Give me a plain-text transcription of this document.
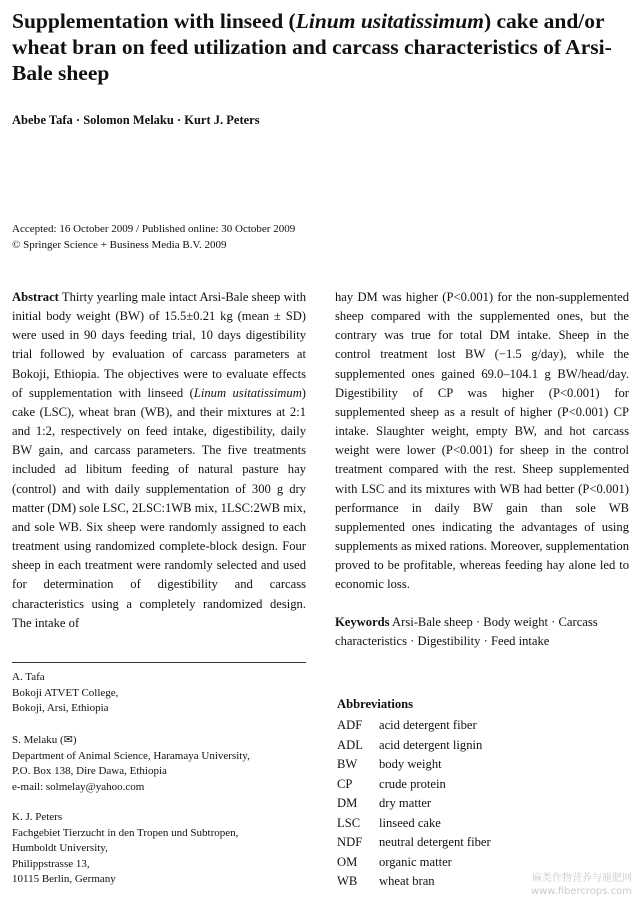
Supplementation with linseed (Linum usitatissimum) cake and/or wheat bran on feed utilization and carcass characteristics of Arsi-Bale sheep
Abebe Tafa · Solomon Melaku · Kurt J. Peters
Accepted: 16 October 2009 / Published online: 30 October 2009
© Springer Science + Business Media B.V. 2009

Abstract Thirty yearling male intact Arsi-Bale sheep with initial body weight (BW) of 15.5±0.21 kg (mean ± SD) were used in 90 days feeding trial, 10 days digestibility trial followed by evaluation of carcass parameters at Bokoji, Ethiopia. The objectives were to evaluate effects of supplementation with linseed (Linum usitatissimum) cake (LSC), wheat bran (WB), and their mixtures at 2:1 and 1:2, respectively on feed intake, digestibility, daily BW gain, and carcass parameters. The five treatments included ad libitum feeding of natural pasture hay (control) and with daily supplementation of 300 g dry matter (DM) sole LSC, 2LSC:1WB mix, 1LSC:2WB mix, and sole WB. Six sheep were randomly assigned to each treatment using randomized complete-block design. Four sheep in each treatment were randomly selected and used for determination of digestibility and carcass characteristics using a completely randomized design. The intake of

A. Tafa
Bokoji ATVET College,
Bokoji, Arsi, Ethiopia
S. Melaku (✉)
Department of Animal Science, Haramaya University,
P.O. Box 138, Dire Dawa, Ethiopia
e-mail: solmelay@yahoo.com
K. J. Peters
Fachgebiet Tierzucht in den Tropen und Subtropen,
Humboldt University,
Philippstrasse 13,
10115 Berlin, Germany

hay DM was higher (P<0.001) for the non-supplemented sheep compared with the supplemented ones, but the contrary was true for total DM intake. Sheep in the control treatment lost BW (−1.5 g/day), while the supplemented ones gained 69.0–104.1 g BW/head/day. Digestibility of CP was higher (P<0.001) for supplemented sheep as a result of higher (P<0.001) CP intake. Slaughter weight, empty BW, and hot carcass weight were lower (P<0.001) for sheep in the control treatment compared with the rest. Sheep supplemented with LSC and its mixtures with WB had better (P<0.001) performance in daily BW gain than sole WB supplemented ones indicating the advantages of using supplements as mixed rations. Moreover, supplementation proved to be profitable, whereas feeding hay alone led to economic loss.

Keywords Arsi-Bale sheep · Body weight · Carcass characteristics · Digestibility · Feed intake

Abbreviations
ADF	acid detergent fiber
ADL	acid detergent lignin
BW	body weight
CP	crude protein
DM	dry matter
LSC	linseed cake
NDF	neutral detergent fiber
OM	organic matter
WB	wheat bran	麻类作物营养与施肥网
www.fibercrops.com
